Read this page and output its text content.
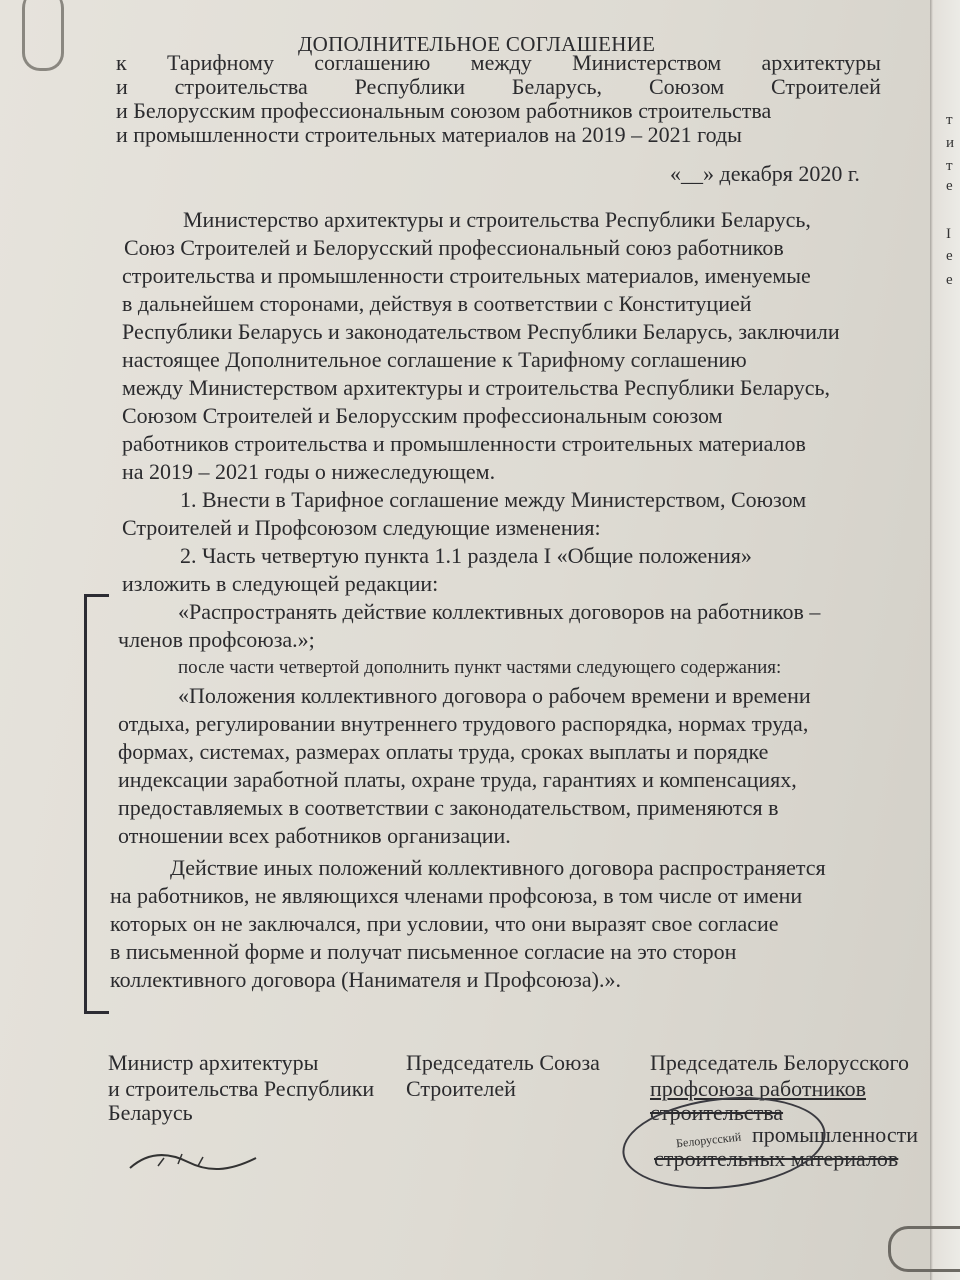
т
и
т
е
I
е
е
ДОПОЛНИТЕЛЬНОЕ СОГЛАШЕНИЕ
к Тарифному соглашению между Министерством архитектуры
и строительства Республики Беларусь, Союзом Строителей
и Белорусским профессиональным союзом работников строительства
и промышленности строительных материалов на 2019 – 2021 годы
«__» декабря 2020 г.
Министерство архитектуры и строительства Республики Беларусь,
Союз Строителей и Белорусский профессиональный союз работников
строительства и промышленности строительных материалов, именуемые
в дальнейшем сторонами, действуя в соответствии с Конституцией
Республики Беларусь и законодательством Республики Беларусь, заключили
настоящее Дополнительное соглашение к Тарифному соглашению
между Министерством архитектуры и строительства Республики Беларусь,
Союзом Строителей и Белорусским профессиональным союзом
работников строительства и промышленности строительных материалов
на 2019 – 2021 годы о нижеследующем.
1. Внести в Тарифное соглашение между Министерством, Союзом
Строителей и Профсоюзом следующие изменения:
2. Часть четвертую пункта 1.1 раздела I «Общие положения»
изложить в следующей редакции:
«Распространять действие коллективных договоров на работников –
членов профсоюза.»;
после части четвертой дополнить пункт частями следующего содержания:
«Положения коллективного договора о рабочем времени и времени
отдыха, регулировании внутреннего трудового распорядка, нормах труда,
формах, системах, размерах оплаты труда, сроках выплаты и порядке
индексации заработной платы, охране труда, гарантиях и компенсациях,
предоставляемых в соответствии с законодательством, применяются в
отношении всех работников организации.
Действие иных положений коллективного договора распространяется
на работников, не являющихся членами профсоюза, в том числе от имени
которых он не заключался, при условии, что они выразят свое согласие
в письменной форме и получат письменное согласие на это сторон
коллективного договора (Нанимателя и Профсоюза).».
Министр архитектуры
и строительства Республики
Беларусь
Председатель Союза
Строителей
Председатель Белорусского
профсоюза работников
строительства
промышленности
строительных материалов
Белорусский
